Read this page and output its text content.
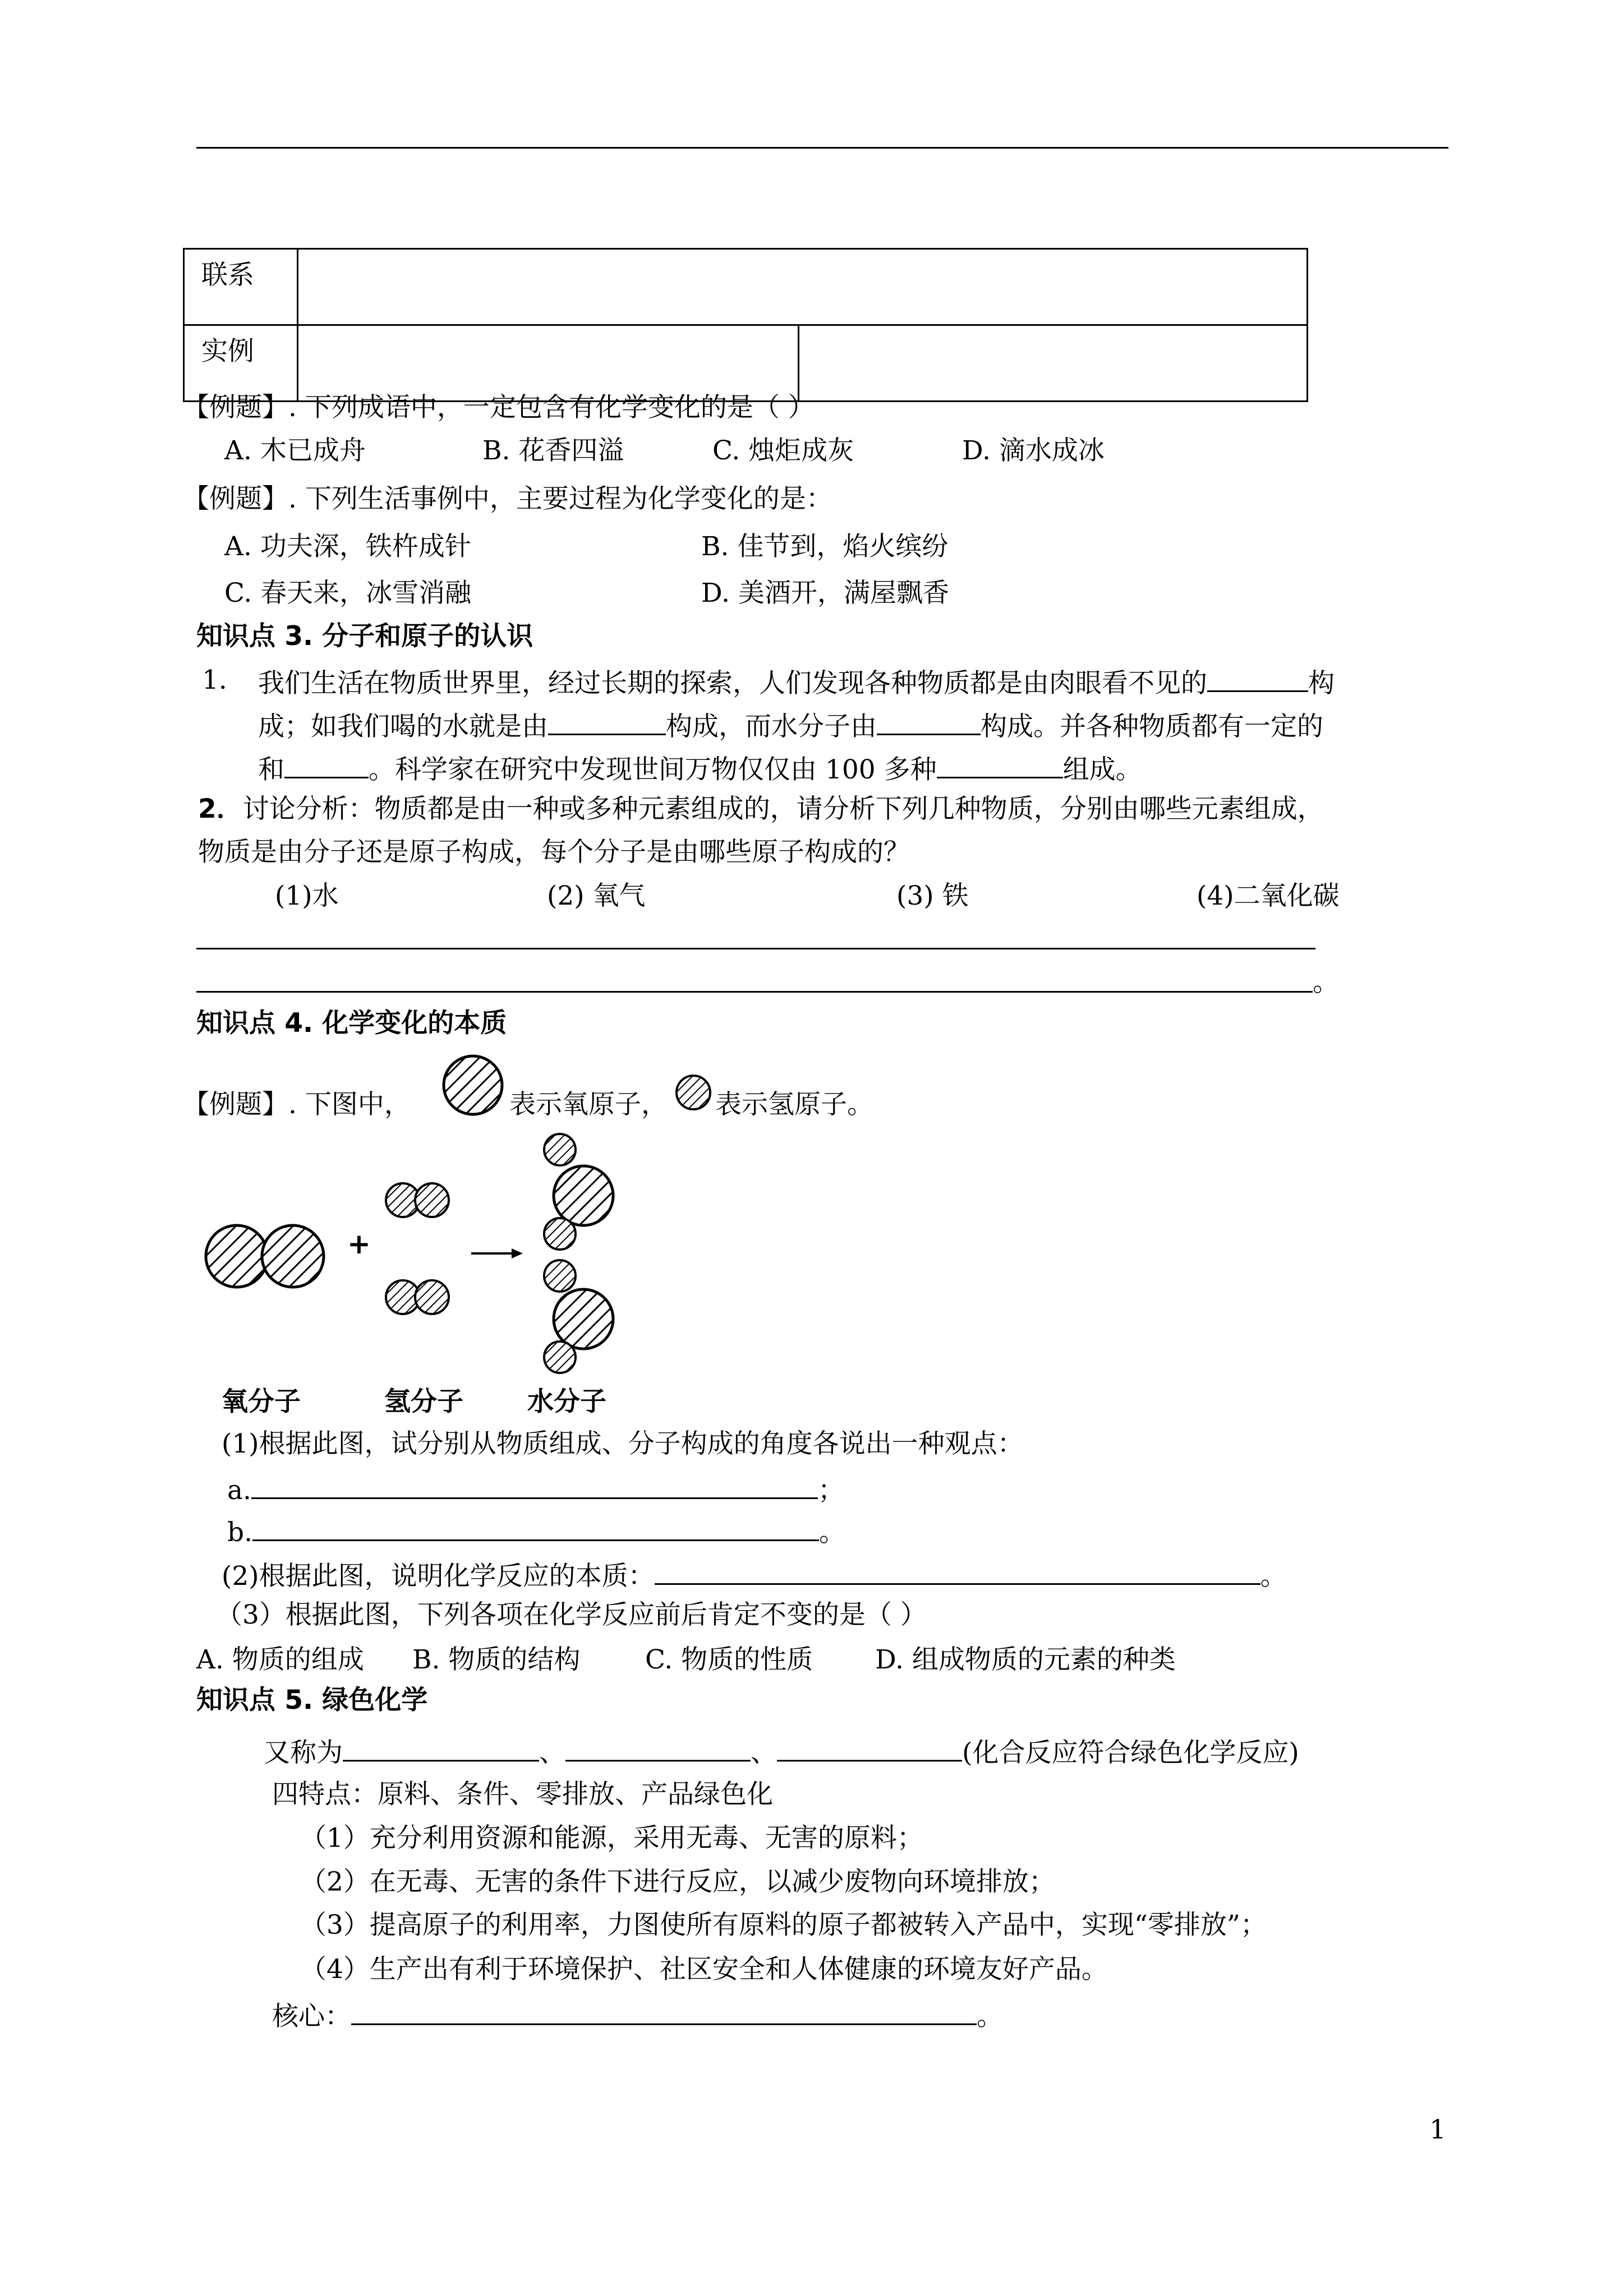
联系		
实例		
【例题】. 下列成语中，一定包含有化学变化的是（ ）
A. 木已成舟	B. 花香四溢	C. 烛炬成灰	D. 滴水成冰
【例题】. 下列生活事例中，主要过程为化学变化的是：
A. 功夫深，铁杵成针	B. 佳节到，焰火缤纷
C. 春天来，冰雪消融	D. 美酒开，满屋飘香
知识点 3. 分子和原子的认识
1. 我们生活在物质世界里，经过长期的探索，人们发现各种物质都是由肉眼看不见的	构
成；如我们喝的水就是由	构成，而水分子由	构成。并各种物质都有一定的
和	。科学家在研究中发现世间万物仅仅由 100 多种	组成。
2．讨论分析：物质都是由一种或多种元素组成的，请分析下列几种物质，分别由哪些元素组成，
物质是由分子还是原子构成，每个分子是由哪些原子构成的？
(1)水	(2) 氧气	(3) 铁	(4)二氧化碳
。
知识点 4. 化学变化的本质
【例题】. 下图中，	表示氧原子， 表示氢原子。
+
氧分子	氢分子 水分子
(1)根据此图，试分别从物质组成、分子构成的角度各说出一种观点：
a.	；
b.	。
(2)根据此图，说明化学反应的本质：	。
（3）根据此图，下列各项在化学反应前后肯定不变的是（ ）
A. 物质的组成 B. 物质的结构 C. 物质的性质 D. 组成物质的元素的种类
知识点 5. 绿色化学
又称为	、	、	(化合反应符合绿色化学反应)
四特点：原料、条件、零排放、产品绿色化
（1）充分利用资源和能源，采用无毒、无害的原料；
（2）在无毒、无害的条件下进行反应，以减少废物向环境排放；
（3）提高原子的利用率，力图使所有原料的原子都被转入产品中，实现“零排放”；
（4）生产出有利于环境保护、社区安全和人体健康的环境友好产品。
核心：	。
1
